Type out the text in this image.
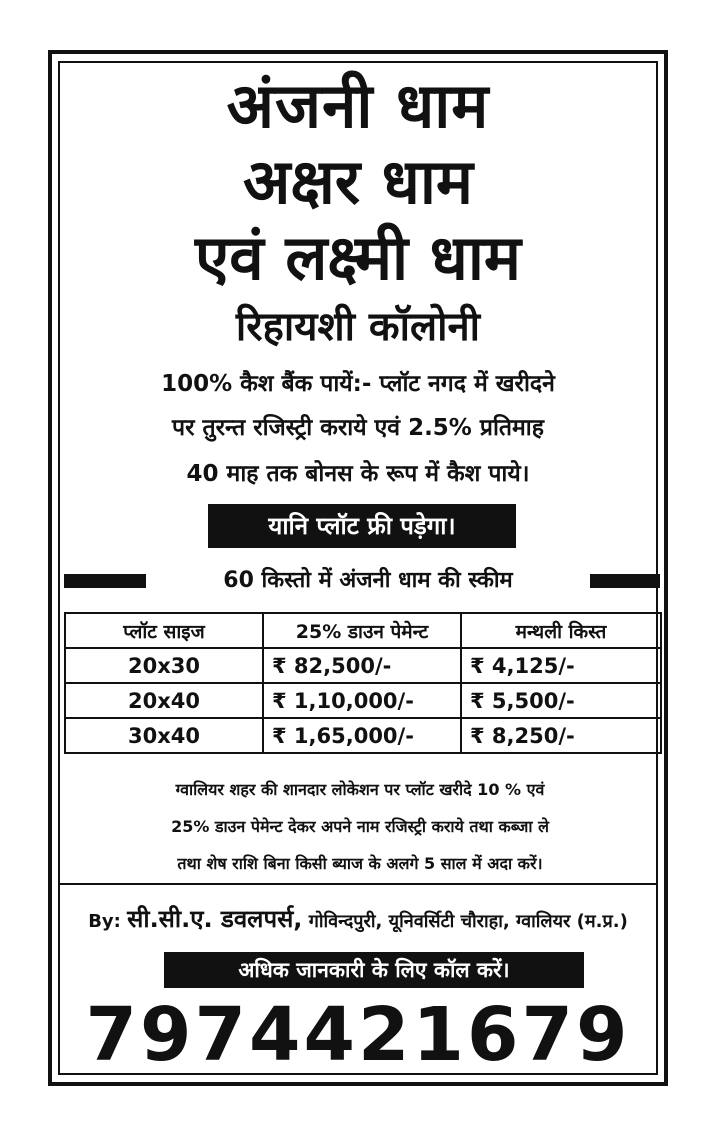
अंजनी धाम
अक्षर धाम
एवं लक्ष्मी धाम
रिहायशी कॉलोनी
100% कैश बैंक पायें:- प्लॉट नगद में खरीदने
पर तुरन्त रजिस्ट्री कराये एवं 2.5% प्रतिमाह
40 माह तक बोनस के रूप में कैश पाये।
यानि प्लॉट फ्री पड़ेगा।
60 किस्तो में अंजनी धाम की स्कीम
प्लॉट साइज	25% डाउन पेमेन्ट	मन्थली किस्त
20x30	₹ 82,500/-	₹ 4,125/-
20x40	₹ 1,10,000/-	₹ 5,500/-
30x40	₹ 1,65,000/-	₹ 8,250/-
ग्वालियर शहर की शानदार लोकेशन पर प्लॉट खरीदे 10 % एवं
25% डाउन पेमेन्ट देकर अपने नाम रजिस्ट्री कराये तथा कब्जा ले
तथा शेष राशि बिना किसी ब्याज के अलगे 5 साल में अदा करें।
By: सी.सी.ए. डवलपर्स, गोविन्दपुरी, यूनिवर्सिटी चौराहा, ग्वालियर (म.प्र.)
अधिक जानकारी के लिए कॉल करें।
7974421679
